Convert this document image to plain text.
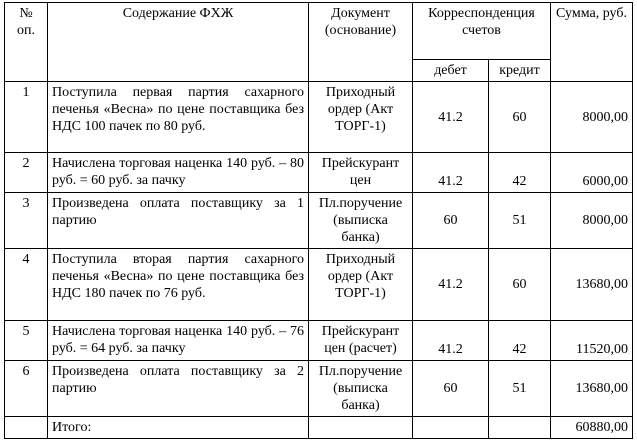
№ оп.	Содержание ФХЖ	Документ (основание)	Корреспонденция счетов		Сумма, руб.
			дебет	кредит	
1	Поступила первая партия сахарного печенья «Весна» по цене поставщика без НДС 100 пачек по 80 руб.	Приходный ордер (Акт ТОРГ-1)	41.2	60	8000,00
2	Начислена торговая наценка 140 руб. – 80 руб. = 60 руб. за пачку	Прейскурант цен	41.2	42	6000,00
3	Произведена оплата поставщику за 1 партию	Пл.поручение (выписка банка)	60	51	8000,00
4	Поступила вторая партия сахарного печенья «Весна» по цене поставщика без НДС 180 пачек по 76 руб.	Приходный ордер (Акт ТОРГ-1)	41.2	60	13680,00
5	Начислена торговая наценка 140 руб. – 76 руб. = 64 руб. за пачку	Прейскурант цен (расчет)	41.2	42	11520,00
6	Произведена оплата поставщику за 2 партию	Пл.поручение (выписка банка)	60	51	13680,00
	Итого:				60880,00
